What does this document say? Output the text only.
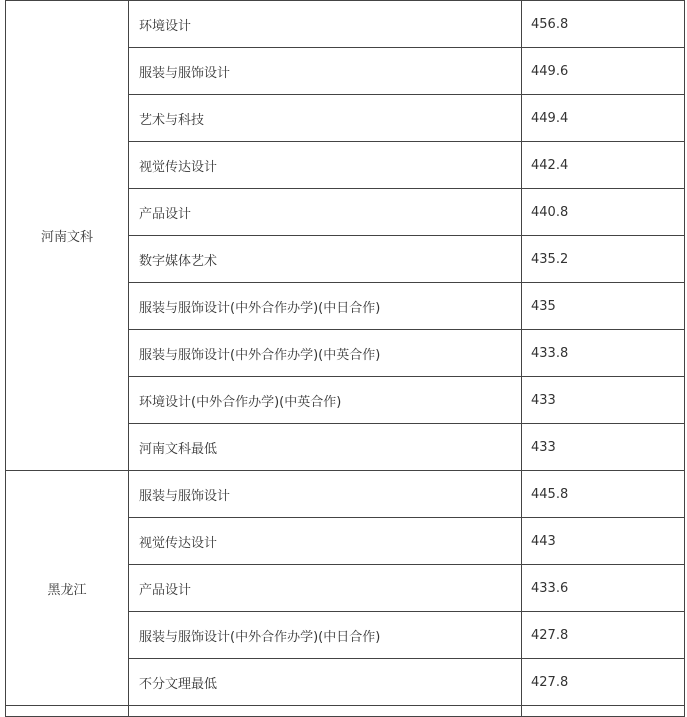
河南文科	环境设计	456.8
	服装与服饰设计	449.6
	艺术与科技	449.4
	视觉传达设计	442.4
	产品设计	440.8
	数字媒体艺术	435.2
	服装与服饰设计(中外合作办学)(中日合作)	435
	服装与服饰设计(中外合作办学)(中英合作)	433.8
	环境设计(中外合作办学)(中英合作)	433
	河南文科最低	433
黑龙江	服装与服饰设计	445.8
	视觉传达设计	443
	产品设计	433.6
	服装与服饰设计(中外合作办学)(中日合作)	427.8
	不分文理最低	427.8
